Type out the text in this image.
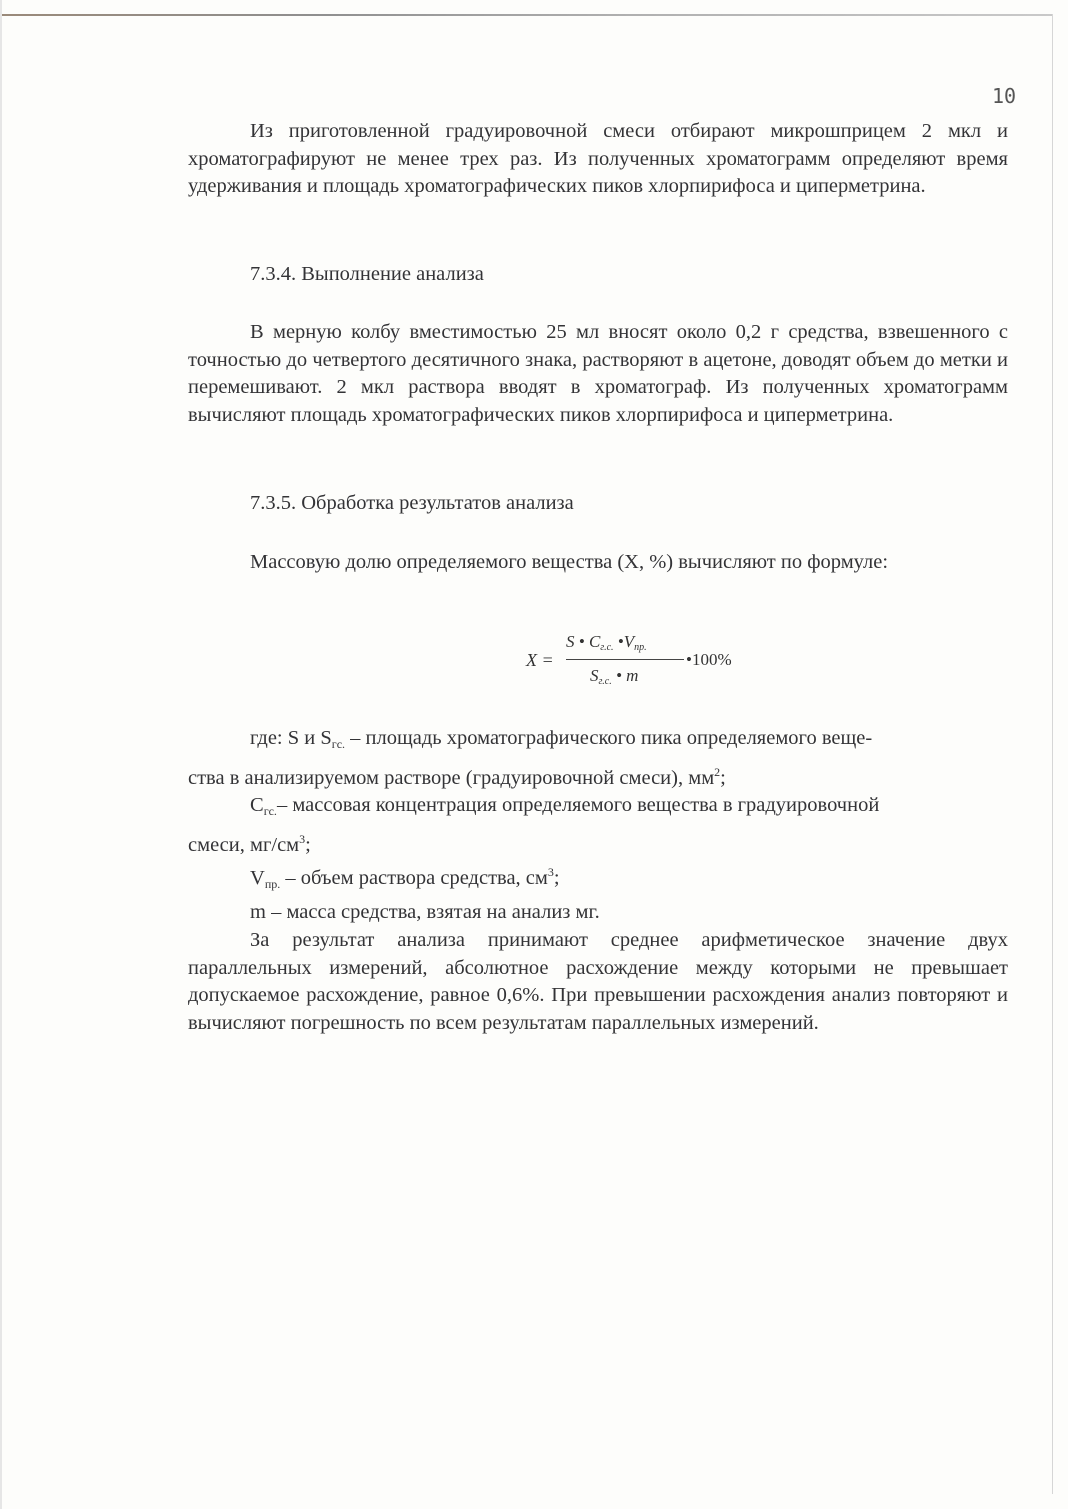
10
Из приготовленной градуировочной смеси отбирают микрошприцем 2 мкл и хроматографируют не менее трех раз. Из полученных хроматограмм определяют время удерживания и площадь хроматографических пиков хлорпирифоса и циперметрина.
7.3.4. Выполнение анализа
В мерную колбу вместимостью 25 мл вносят около 0,2 г средства, взвешенного с точностью до четвертого десятичного знака, растворяют в ацетоне, доводят объем до метки и перемешивают. 2 мкл раствора вводят в хроматограф. Из полученных хроматограмм вычисляют площадь хроматографических пиков хлорпирифоса и циперметрина.
7.3.5. Обработка результатов анализа
Массовую долю определяемого вещества (X, %) вычисляют по формуле:
X =
S • $C_{г.с.}$ $•V_{пр.}$
$S_{г.с.}$ • m
•100%
где: S и $S_{гс.}$ – площадь хроматографического пика определяемого веще-
ства в анализируемом растворе (градуировочной смеси), $мм^2$;
$C_{гс.}-$ массовая концентрация определяемого вещества в градуировочной
смеси, $мг/см^3$;
$V_{пр.}$ – объем раствора средства, $см^3$;
m – масса средства, взятая на анализ мг.
За результат анализа принимают среднее арифметическое значение двух параллельных измерений, абсолютное расхождение между которыми не превышает допускаемое расхождение, равное 0,6%. При превышении расхождения анализ повторяют и вычисляют погрешность по всем результатам параллельных измерений.
